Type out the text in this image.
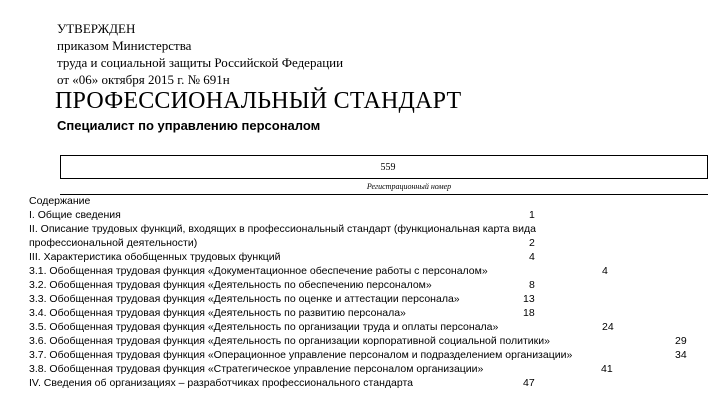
УТВЕРЖДЕН
приказом Министерства
труда и социальной защиты Российской Федерации
от «06» октября 2015 г. № 691н
ПРОФЕССИОНАЛЬНЫЙ СТАНДАРТ
Специалист по управлению персоналом
559
Регистрационный номер
Содержание
I. Общие сведения	1
II. Описание трудовых функций, входящих в профессиональный стандарт (функциональная карта вида профессиональной деятельности)	2
III. Характеристика обобщенных трудовых функций	4
3.1. Обобщенная трудовая функция «Документационное обеспечение работы с персоналом»	4
3.2. Обобщенная трудовая функция «Деятельность по обеспечению персоналом»	8
3.3. Обобщенная трудовая функция «Деятельность по оценке и аттестации персонала»	13
3.4. Обобщенная трудовая функция «Деятельность по развитию персонала»	18
3.5. Обобщенная трудовая функция «Деятельность по организации труда и оплаты персонала»	24
3.6. Обобщенная трудовая функция «Деятельность по организации корпоративной социальной политики»	29
3.7. Обобщенная трудовая функция «Операционное управление персоналом и подразделением организации»	34
3.8. Обобщенная трудовая функция «Стратегическое управление персоналом организации»	41
IV. Сведения об организациях – разработчиках профессионального стандарта	47
